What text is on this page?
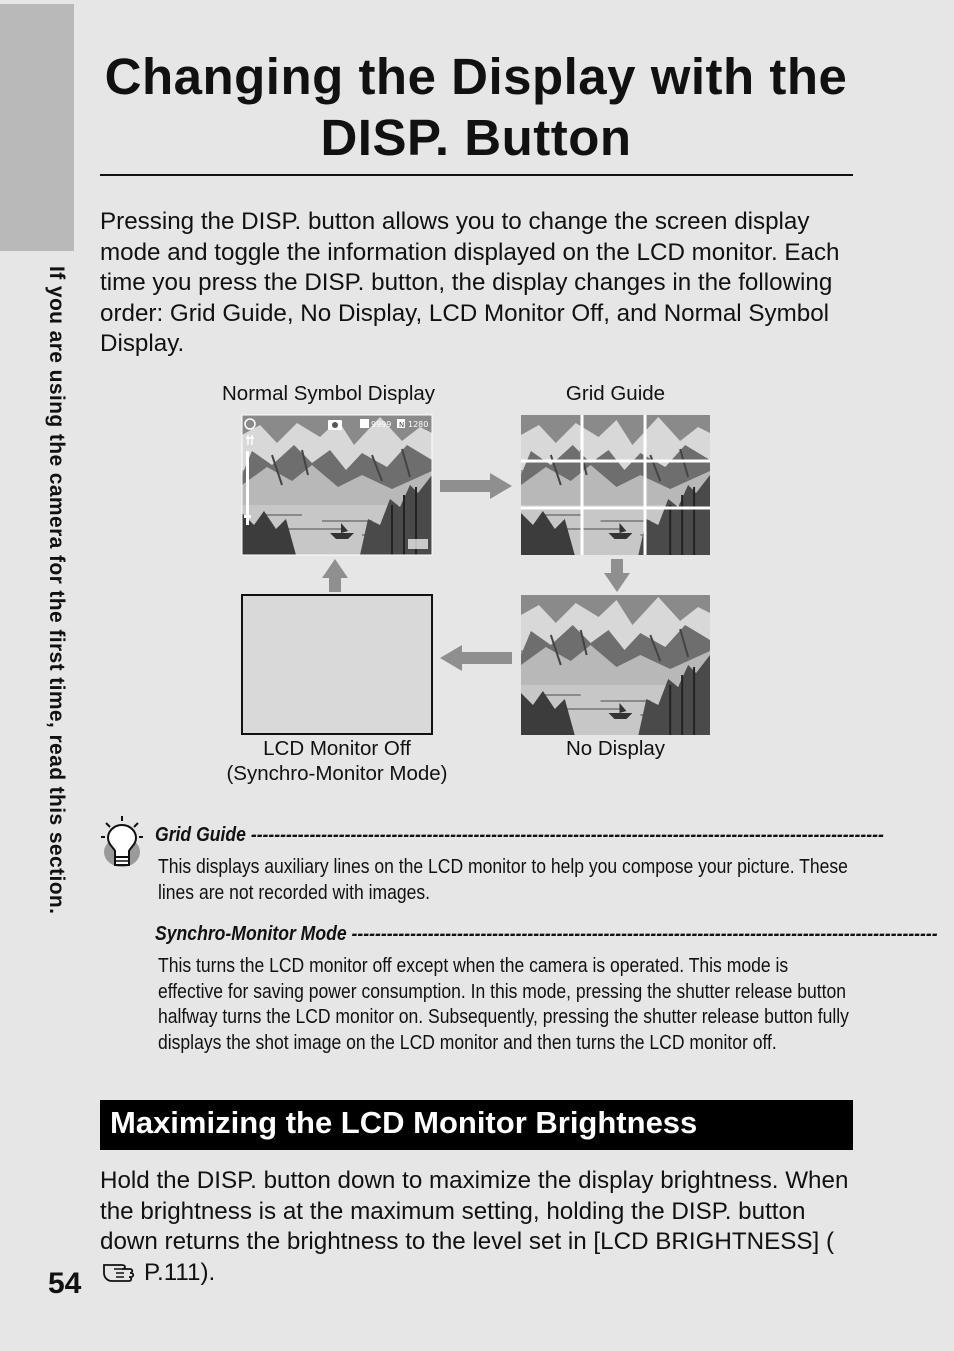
If you are using the camera for the first time, read this section.
Changing the Display with the DISP. Button

Pressing the DISP. button allows you to change the screen display mode and toggle the information displayed on the LCD monitor. Each time you press the DISP. button, the display changes in the following order: Grid Guide, No Display, LCD Monitor Off, and Normal Symbol Display.

Normal Symbol Display	Grid Guide
9999 N 1280
LCD Monitor Off
(Synchro-Monitor Mode)
No Display
Grid Guide ------------------------------------------------------------------------------------------------------------

This displays auxiliary lines on the LCD monitor to help you compose your picture. These lines are not recorded with images.

Synchro-Monitor Mode ----------------------------------------------------------------------------------------------------

This turns the LCD monitor off except when the camera is operated. This mode is effective for saving power consumption. In this mode, pressing the shutter release button halfway turns the LCD monitor on. Subsequently, pressing the shutter release button fully displays the shot image on the LCD monitor and then turns the LCD monitor off.

Maximizing the LCD Monitor Brightness

Hold the DISP. button down to maximize the display brightness. When the brightness is at the maximum setting, holding the DISP. button down returns the brightness to the level set in [LCD BRIGHTNESS] (P.111).

54
